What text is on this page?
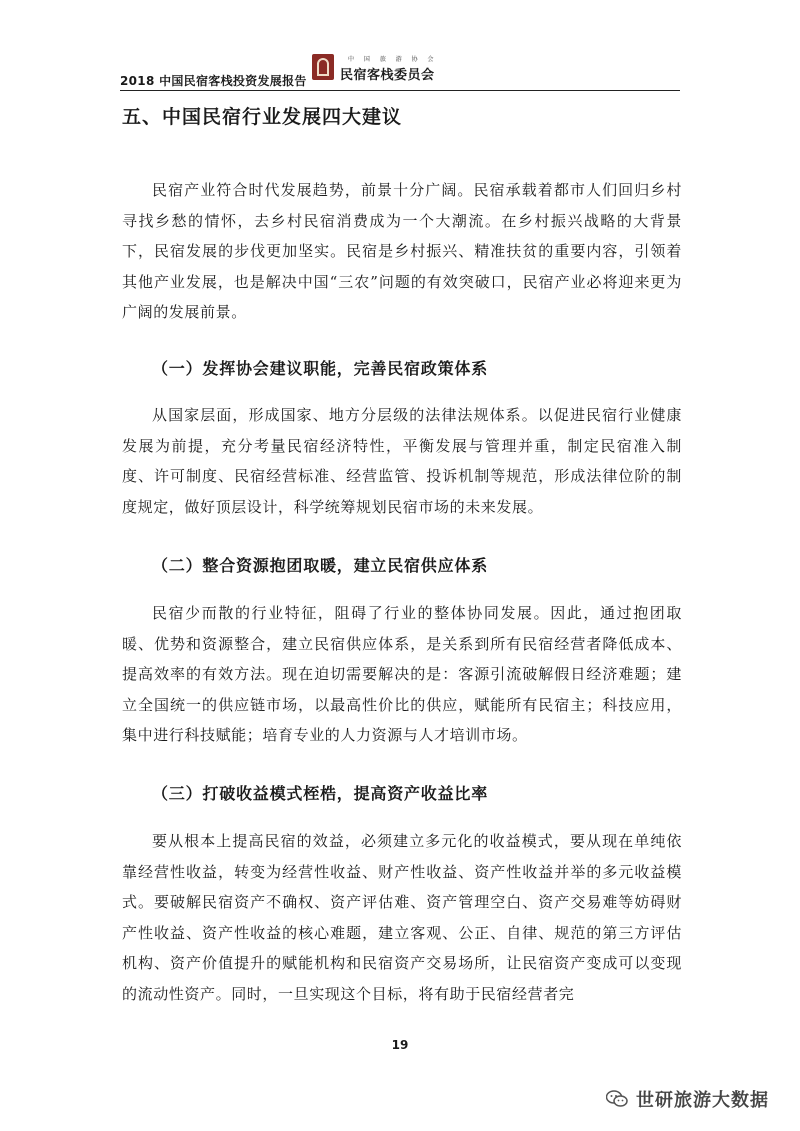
2018 中国民宿客栈投资发展报告
中 国 旅 游 协 会
民宿客栈委员会
五、中国民宿行业发展四大建议

民宿产业符合时代发展趋势，前景十分广阔。民宿承载着都市人们回归乡村寻找乡愁的情怀，去乡村民宿消费成为一个大潮流。在乡村振兴战略的大背景下，民宿发展的步伐更加坚实。民宿是乡村振兴、精准扶贫的重要内容，引领着其他产业发展，也是解决中国“三农”问题的有效突破口，民宿产业必将迎来更为广阔的发展前景。

（一）发挥协会建议职能，完善民宿政策体系

从国家层面，形成国家、地方分层级的法律法规体系。以促进民宿行业健康发展为前提，充分考量民宿经济特性，平衡发展与管理并重，制定民宿准入制度、许可制度、民宿经营标准、经营监管、投诉机制等规范，形成法律位阶的制度规定，做好顶层设计，科学统筹规划民宿市场的未来发展。

（二）整合资源抱团取暖，建立民宿供应体系

民宿少而散的行业特征，阻碍了行业的整体协同发展。因此，通过抱团取暖、优势和资源整合，建立民宿供应体系，是关系到所有民宿经营者降低成本、提高效率的有效方法。现在迫切需要解决的是：客源引流破解假日经济难题；建立全国统一的供应链市场，以最高性价比的供应，赋能所有民宿主；科技应用，集中进行科技赋能；培育专业的人力资源与人才培训市场。

（三）打破收益模式桎梏，提高资产收益比率

要从根本上提高民宿的效益，必须建立多元化的收益模式，要从现在单纯依靠经营性收益，转变为经营性收益、财产性收益、资产性收益并举的多元收益模式。要破解民宿资产不确权、资产评估难、资产管理空白、资产交易难等妨碍财产性收益、资产性收益的核心难题，建立客观、公正、自律、规范的第三方评估机构、资产价值提升的赋能机构和民宿资产交易场所，让民宿资产变成可以变现的流动性资产。同时，一旦实现这个目标，将有助于民宿经营者完

19
世研旅游大数据
